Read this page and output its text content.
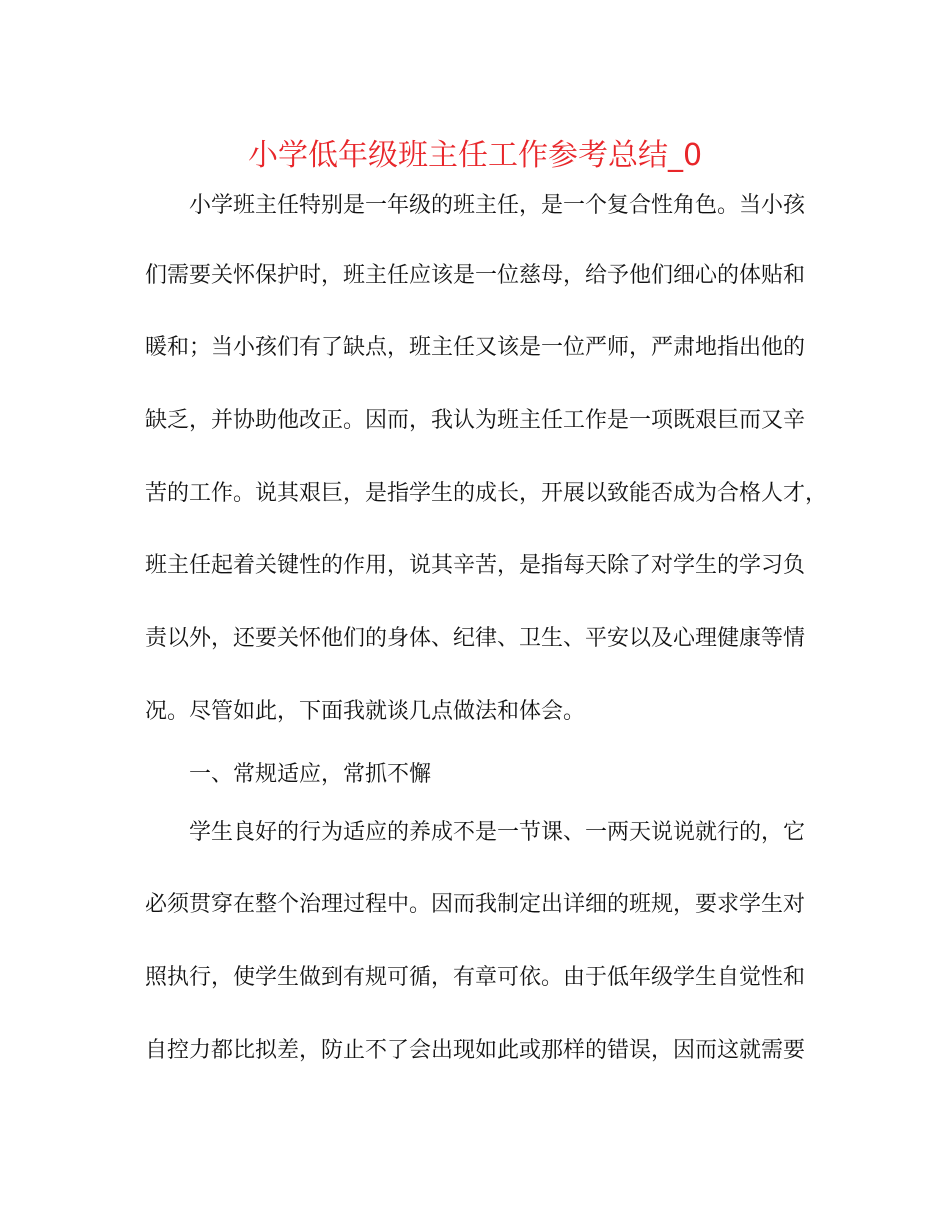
小学低年级班主任工作参考总结_0
小学班主任特别是一年级的班主任，是一个复合性角色。当小孩
们需要关怀保护时，班主任应该是一位慈母，给予他们细心的体贴和
暖和；当小孩们有了缺点，班主任又该是一位严师，严肃地指出他的
缺乏，并协助他改正。因而，我认为班主任工作是一项既艰巨而又辛
苦的工作。说其艰巨，是指学生的成长，开展以致能否成为合格人才，
班主任起着关键性的作用，说其辛苦，是指每天除了对学生的学习负
责以外，还要关怀他们的身体、纪律、卫生、平安以及心理健康等情
况。尽管如此，下面我就谈几点做法和体会。
一、常规适应，常抓不懈
学生良好的行为适应的养成不是一节课、一两天说说就行的，它
必须贯穿在整个治理过程中。因而我制定出详细的班规，要求学生对
照执行，使学生做到有规可循，有章可依。由于低年级学生自觉性和
自控力都比拟差，防止不了会出现如此或那样的错误，因而这就需要
